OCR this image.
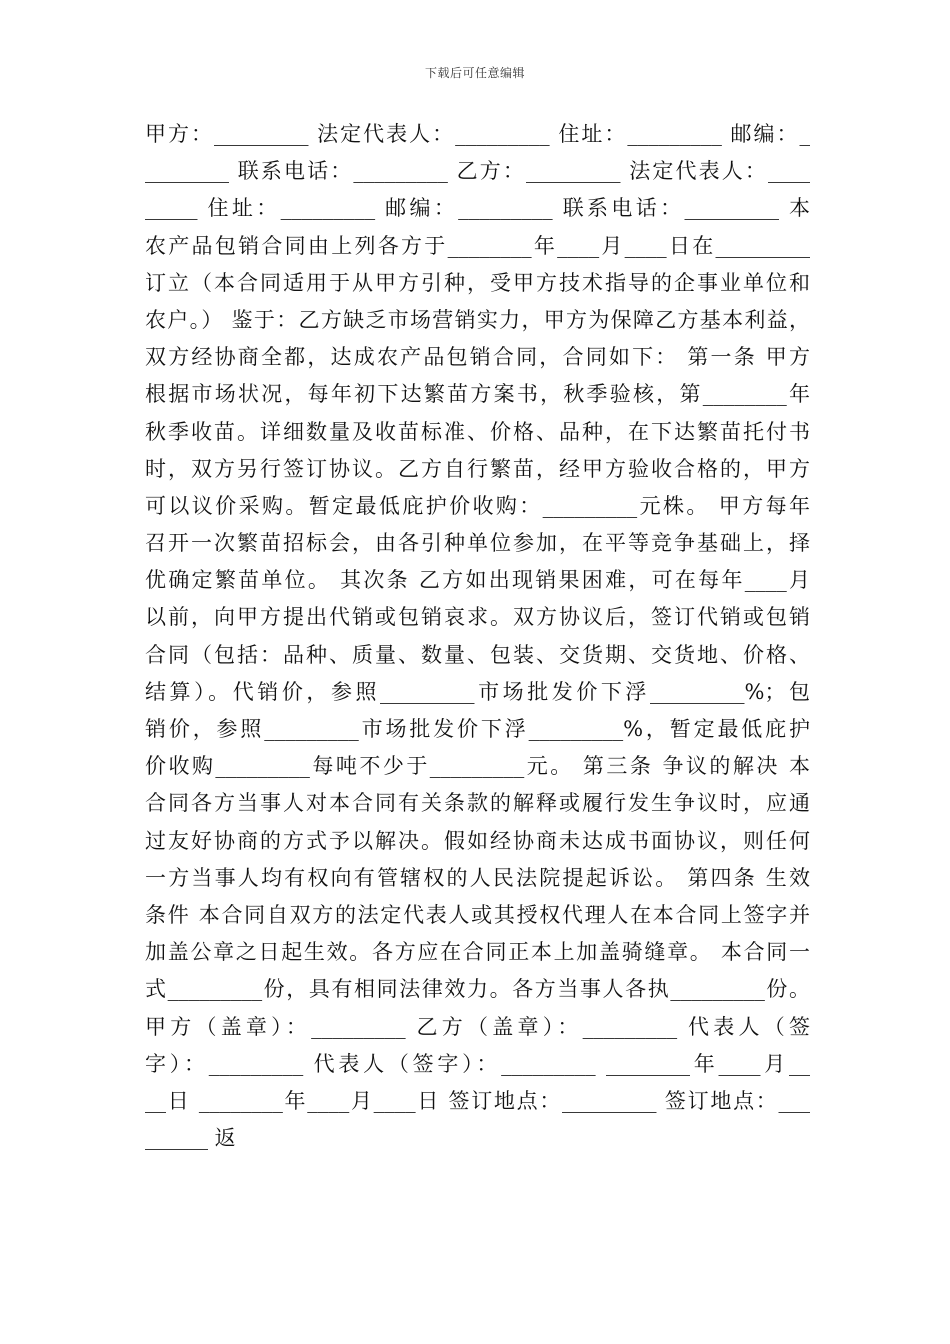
下载后可任意编辑
甲方：_________ 法定代表人：_________ 住址：_________ 邮编：_
________ 联系电话：_________ 乙方：_________ 法定代表人：____
_____ 住址：_________ 邮编：_________ 联系电话：_________ 本
农产品包销合同由上列各方于________年____月____日在_________
订立（本合同适用于从甲方引种，受甲方技术指导的企事业单位和
农户。） 鉴于：乙方缺乏市场营销实力，甲方为保障乙方基本利益，
双方经协商全都，达成农产品包销合同，合同如下： 第一条 甲方
根据市场状况，每年初下达繁苗方案书，秋季验核，第________年
秋季收苗。详细数量及收苗标准、价格、品种，在下达繁苗托付书
时，双方另行签订协议。乙方自行繁苗，经甲方验收合格的，甲方
可以议价采购。暂定最低庇护价收购：_________元株。 甲方每年
召开一次繁苗招标会，由各引种单位参加，在平等竞争基础上，择
优确定繁苗单位。 其次条 乙方如出现销果困难，可在每年____月
以前，向甲方提出代销或包销哀求。双方协议后，签订代销或包销
合同（包括：品种、质量、数量、包装、交货期、交货地、价格、
结算）。代销价，参照_________市场批发价下浮_________%；包
销价，参照_________市场批发价下浮_________%，暂定最低庇护
价收购_________每吨不少于_________元。 第三条 争议的解决 本
合同各方当事人对本合同有关条款的解释或履行发生争议时，应通
过友好协商的方式予以解决。假如经协商未达成书面协议，则任何
一方当事人均有权向有管辖权的人民法院提起诉讼。 第四条 生效
条件 本合同自双方的法定代表人或其授权代理人在本合同上签字并
加盖公章之日起生效。各方应在合同正本上加盖骑缝章。 本合同一
式_________份，具有相同法律效力。各方当事人各执_________份。
甲方（盖章）：_________ 乙方（盖章）：_________ 代表人（签
字）：_________ 代表人（签字）：_________ ________年____月__
__日 ________年____月____日 签订地点：_________ 签订地点：___
______ 返
